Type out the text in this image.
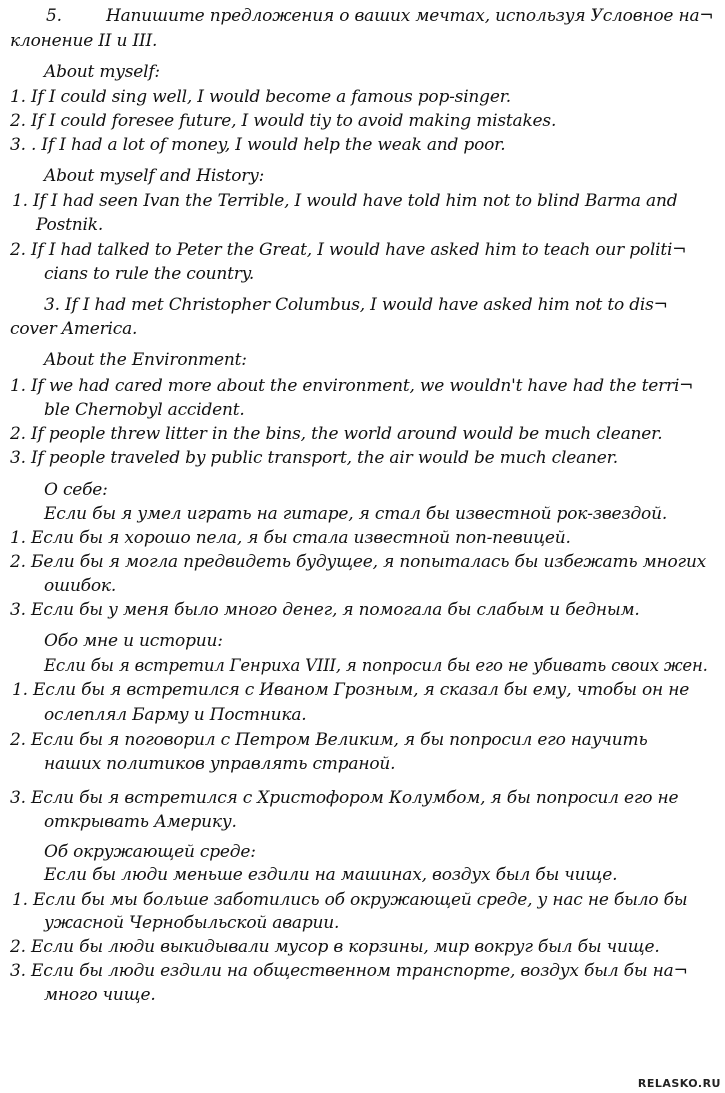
5.	Напишите предложения о ваших мечтах, используя Условное на¬
клонение II и III.
About myself:
1. If I could sing well, I would become a famous pop-singer.
2. If I could foresee future, I would tiy to avoid making mistakes.
3. . If I had a lot of money, I would help the weak and poor.
About myself and History:
1. If I had seen Ivan the Terrible, I would have told him not to blind Barma and
Postnik.
2. If I had talked to Peter the Great, I would have asked him to teach our politi¬
cians to rule the country.
3. If I had met Christopher Columbus, I would have asked him not to dis¬
cover America.
About the Environment:
1. If we had cared more about the environment, we wouldn't have had the terri¬
ble Chernobyl accident.
2. If people threw litter in the bins, the world around would be much cleaner.
3. If people traveled by public transport, the air would be much cleaner.
О себе:
Если бы я умел играть на гитаре, я стал бы известной рок-звездой.
1. Если бы я хорошо пела, я бы стала известной поп-певицей.
2. Бели бы я могла предвидеть будущее, я попыталась бы избежать многих
ошибок.
3. Если бы у меня было много денег, я помогала бы слабым и бедным.
Обо мне и истории:
Если бы я встретил Генриха VIII, я попросил бы его не убивать своих жен.
1. Если бы я встретился с Иваном Грозным, я сказал бы ему, чтобы он не
ослеплял Барму и Постника.
2. Если бы я поговорил с Петром Великим, я бы попросил его научить
наших политиков управлять страной.
3. Если бы я встретился с Христофором Колумбом, я бы попросил его не
открывать Америку.
Об окружающей среде:
Если бы люди меньше ездили на машинах, воздух был бы чище.
1. Если бы мы больше заботились об окружающей среде, у нас не было бы
ужасной Чернобыльской аварии.
2. Если бы люди выкидывали мусор в корзины, мир вокруг был бы чище.
3. Если бы люди ездили на общественном транспорте, воздух был бы на¬
много чище.
RELASKO.RU
